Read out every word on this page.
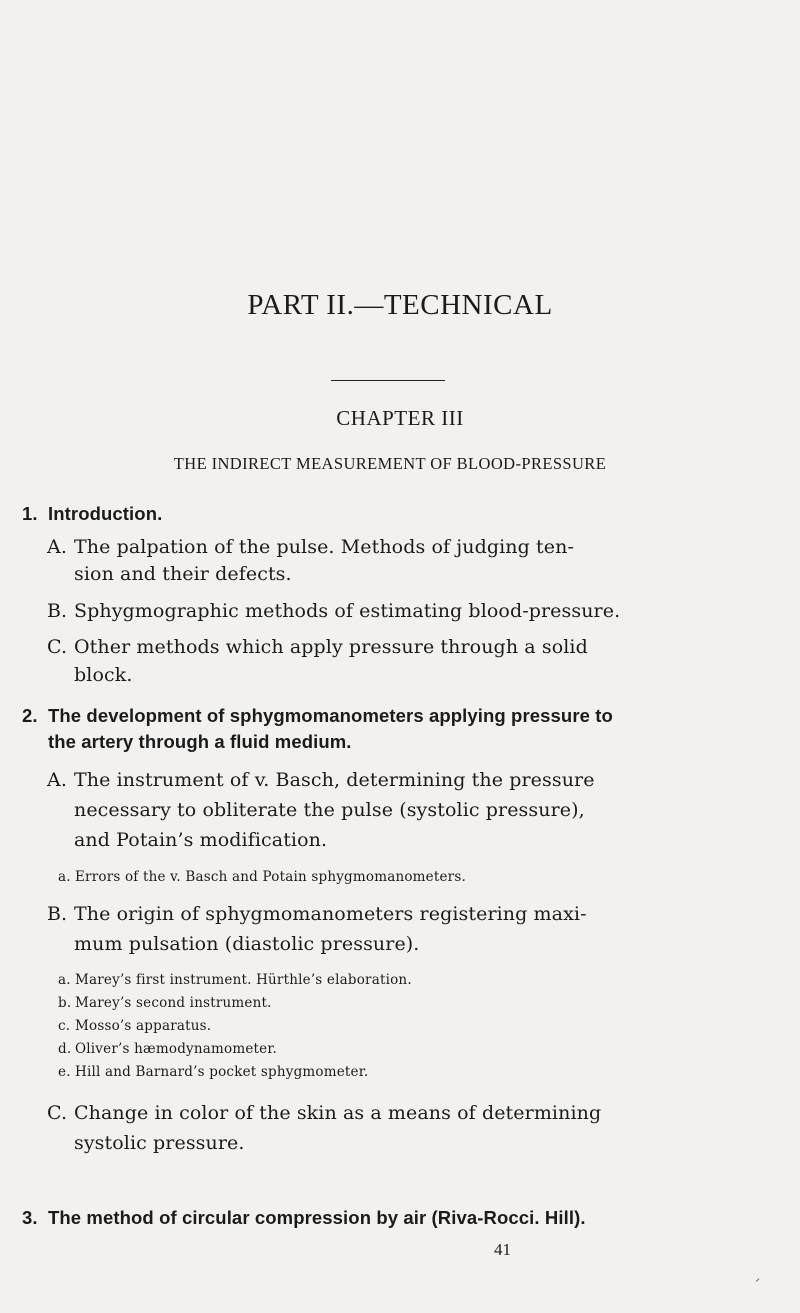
PART II.—TECHNICAL
CHAPTER III
THE INDIRECT MEASUREMENT OF BLOOD-PRESSURE
1. Introduction.
A. The palpation of the pulse. Methods of judging ten-
sion and their defects.
B. Sphygmographic methods of estimating blood-pressure.
C. Other methods which apply pressure through a solid
block.
2. The development of sphygmomanometers applying pressure to
the artery through a fluid medium.
A. The instrument of v. Basch, determining the pressure
necessary to obliterate the pulse (systolic pressure),
and Potain’s modification.
a. Errors of the v. Basch and Potain sphygmomanometers.
B. The origin of sphygmomanometers registering maxi-
mum pulsation (diastolic pressure).
a. Marey’s first instrument. Hürthle’s elaboration.
b. Marey’s second instrument.
c. Mosso’s apparatus.
d. Oliver’s hæmodynamometer.
e. Hill and Barnard’s pocket sphygmometer.
C. Change in color of the skin as a means of determining
systolic pressure.
3. The method of circular compression by air (Riva-Rocci. Hill).
41
